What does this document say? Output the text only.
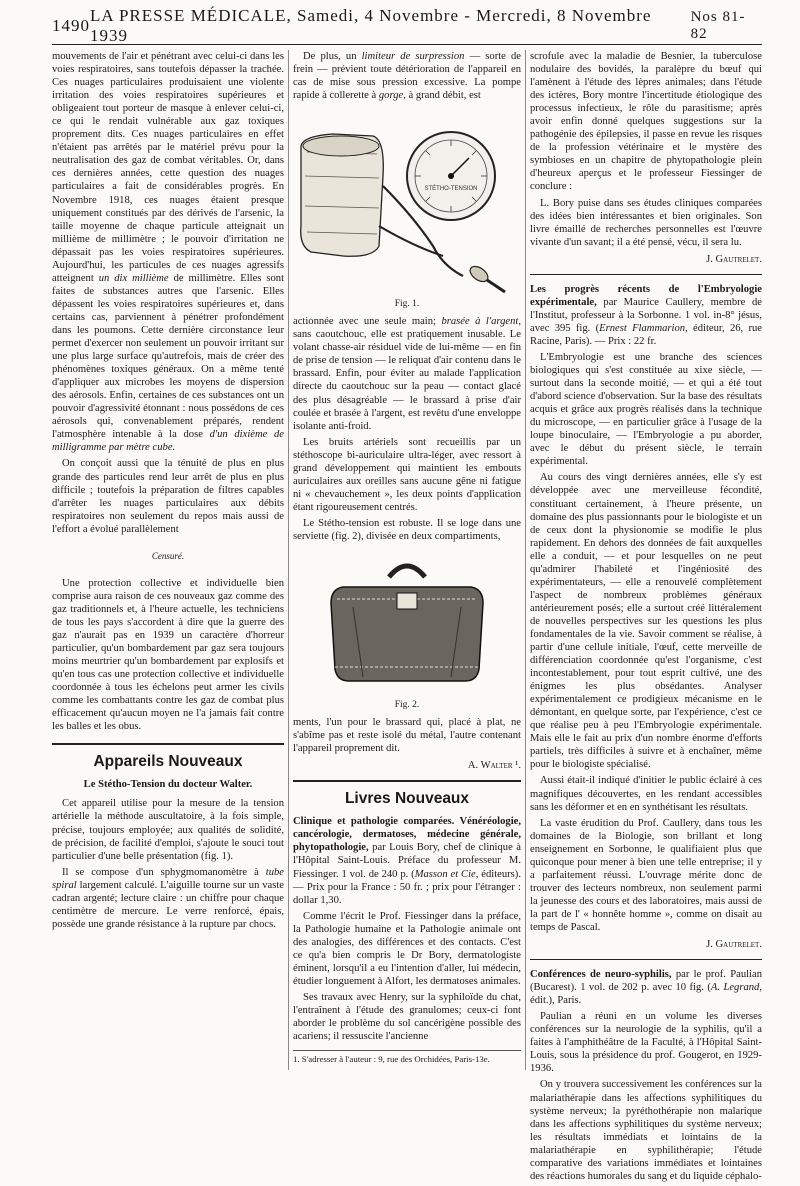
1490
LA PRESSE MÉDICALE, Samedi, 4 Novembre - Mercredi, 8 Novembre 1939
Nos 81-82

mouvements de l'air et pénétrant avec celui-ci dans les voies respiratoires, sans toutefois dépasser la trachée. Ces nuages particulaires produisaient une violente irritation des voies respiratoires supérieures et obligeaient tout porteur de masque à enlever celui-ci, ce qui le rendait vulnérable aux gaz toxiques proprement dits. Ces nuages particulaires en effet n'étaient pas arrêtés par le matériel prévu pour la neutralisation des gaz de combat véritables. Or, dans ces dernières années, cette question des nuages particulaires a fait de considérables progrès. En Novembre 1918, ces nuages étaient presque uniquement constitués par des dérivés de l'arsenic, la taille moyenne de chaque particule atteignait un millième de millimètre ; le pouvoir d'irritation ne dépassait pas les voies respiratoires supérieures. Aujourd'hui, les particules de ces nuages agressifs atteignent un dix millième de millimètre. Elles sont faites de substances autres que l'arsenic. Elles dépassent les voies respiratoires supérieures et, dans certains cas, parviennent à pénétrer profondément dans les poumons. Cette dernière circonstance leur permet d'exercer non seulement un pouvoir irritant sur une plus large surface qu'autrefois, mais de créer des phénomènes toxiques généraux. On a même tenté d'appliquer aux microbes les moyens de dispersion des aérosols. Enfin, certaines de ces substances ont un pouvoir d'agressivité étonnant : nous possédons de ces aérosols qui, convenablement préparés, rendent l'atmosphère intenable à la dose d'un dixième de milligramme par mètre cube.

On conçoit aussi que la ténuité de plus en plus grande des particules rend leur arrêt de plus en plus difficile ; toutefois la préparation de filtres capables d'arrêter les nuages particulaires aux débits respiratoires non seulement du repos mais aussi de l'effort a évolué parallèlement

Censuré.

Une protection collective et individuelle bien comprise aura raison de ces nouveaux gaz comme des gaz traditionnels et, à l'heure actuelle, les techniciens de tous les pays s'accordent à dire que la guerre des gaz n'aurait pas en 1939 un caractère d'horreur particulier, qu'un bombardement par gaz sera toujours moins meurtrier qu'un bombardement par explosifs et qu'en tous cas une protection collective et individuelle coordonnée à tous les échelons peut armer les civils comme les combattants contre les gaz de combat plus efficacement qu'aucun moyen ne l'a jamais fait contre les balles et les obus.

Appareils Nouveaux
Le Stétho-Tension du docteur Walter.

Cet appareil utilise pour la mesure de la tension artérielle la méthode auscultatoire, à la fois simple, précise, toujours employée; aux qualités de solidité, de précision, de facilité d'emploi, s'ajoute le souci tout particulier d'une belle présentation (fig. 1).

Il se compose d'un sphygmomanomètre à tube spiral largement calculé. L'aiguille tourne sur un vaste cadran argenté; lecture claire : un chiffre pour chaque centimètre de mercure. Le verre renforcé, épais, possède une grande résistance à la rupture par chocs.

De plus, un limiteur de surpression — sorte de frein — prévient toute détérioration de l'appareil en cas de mise sous pression excessive. La pompe rapide à collerette à gorge, à grand débit, est

STÉTHO-TENSION
Fig. 1.

actionnée avec une seule main; brasée à l'argent, sans caoutchouc, elle est pratiquement inusable. Le volant chasse-air résiduel vide de lui-même — en fin de prise de tension — le reliquat d'air contenu dans le brassard. Enfin, pour éviter au malade l'application directe du caoutchouc sur la peau — contact glacé des plus désagréable — le brassard à prise d'air coulée et brasée à l'argent, est revêtu d'une enveloppe isolante anti-froid.

Les bruits artériels sont recueillis par un stéthoscope bi-auriculaire ultra-léger, avec ressort à grand développement qui maintient les embouts auriculaires aux oreilles sans aucune gêne ni fatigue ni « chevauchement », les deux points d'application étant rigoureusement centrés.

Le Stétho-tension est robuste. Il se loge dans une serviette (fig. 2), divisée en deux compartiments,

Fig. 2.

ments, l'un pour le brassard qui, placé à plat, ne s'abîme pas et reste isolé du métal, l'autre contenant l'appareil proprement dit.

A. Walter ¹.

Livres Nouveaux

Clinique et pathologie comparées. Vénéréologie, cancérologie, dermatoses, médecine générale, phytopathologie, par Louis Bory, chef de clinique à l'Hôpital Saint-Louis. Préface du professeur M. Fiessinger. 1 vol. de 240 p. (Masson et Cie, éditeurs). — Prix pour la France : 50 fr. ; prix pour l'étranger : dollar 1,30.

Comme l'écrit le Prof. Fiessinger dans la préface, la Pathologie humaine et la Pathologie animale ont des analogies, des différences et des contacts. C'est ce qu'a bien compris le Dr Bory, dermatologiste éminent, lorsqu'il a eu l'intention d'aller, lui médecin, étudier longuement à Alfort, les dermatoses animales.

Ses travaux avec Henry, sur la syphiloïde du chat, l'entraînent à l'étude des granulomes; ceux-ci font aborder le problème du sol cancérigène possible des acariens; il ressuscite l'ancienne

1. S'adresser à l'auteur : 9, rue des Orchidées, Paris-13e.

scrofule avec la maladie de Besnier, la tuberculose nodulaire des bovidés, la paralèpre du bœuf qui l'amènent à l'étude des lèpres animales; dans l'étude des ictères, Bory montre l'incertitude étiologique des processus infectieux, le rôle du parasitisme; après avoir enfin donné quelques suggestions sur la pathogénie des épilepsies, il passe en revue les risques de la profession vétérinaire et le mystère des symbioses en un chapitre de phytopathologie plein d'heureux aperçus et le professeur Fiessinger de conclure :

L. Bory puise dans ses études cliniques comparées des idées bien intéressantes et bien originales. Son livre émaillé de recherches personnelles est l'œuvre vivante d'un savant; il a été pensé, vécu, il sera lu.

J. Gautrelet.

Les progrès récents de l'Embryologie expérimentale, par Maurice Caullery, membre de l'Institut, professeur à la Sorbonne. 1 vol. in-8° jésus, avec 395 fig. (Ernest Flammarion, éditeur, 26, rue Racine, Paris). — Prix : 22 fr.

L'Embryologie est une branche des sciences biologiques qui s'est constituée au xixe siècle, — surtout dans la seconde moitié, — et qui a été tout d'abord science d'observation. Sur la base des résultats acquis et grâce aux progrès réalisés dans la technique du microscope, — en particulier grâce à l'usage de la loupe binoculaire, — l'Embryologie a pu aborder, avec le début du présent siècle, le terrain expérimental.

Au cours des vingt dernières années, elle s'y est développée avec une merveilleuse fécondité, constituant certainement, à l'heure présente, un domaine des plus passionnants pour le biologiste et un de ceux dont la physionomie se modifie le plus rapidement. En dehors des données de fait auxquelles elle a conduit, — et pour lesquelles on ne peut qu'admirer l'habileté et l'ingéniosité des expérimentateurs, — elle a renouvelé complètement l'aspect de nombreux problèmes généraux antérieurement posés; elle a surtout créé littéralement de nouvelles perspectives sur les questions les plus fondamentales de la vie. Savoir comment se réalise, à partir d'une cellule initiale, l'œuf, cette merveille de différenciation coordonnée qu'est l'organisme, c'est incontestablement, pour tout esprit cultivé, une des énigmes les plus obsédantes. Analyser expérimentalement ce prodigieux mécanisme en le démontant, en quelque sorte, par l'expérience, c'est ce que réalise peu à peu l'Embryologie expérimentale. Mais elle le fait au prix d'un nombre énorme d'efforts partiels, très difficiles à suivre et à enchaîner, même pour le biologiste spécialisé.

Aussi était-il indiqué d'initier le public éclairé à ces magnifiques découvertes, en les rendant accessibles sans les déformer et en en synthétisant les résultats.

La vaste érudition du Prof. Caullery, dans tous les domaines de la Biologie, son brillant et long enseignement en Sorbonne, le qualifiaient plus que quiconque pour mener à bien une telle entreprise; il y a parfaitement réussi. L'ouvrage mérite donc de trouver des lecteurs nombreux, non seulement parmi la jeunesse des cours et des laboratoires, mais aussi de la part de l' « honnête homme », comme on disait au temps de Pascal.

J. Gautrelet.

Conférences de neuro-syphilis, par le prof. Paulian (Bucarest). 1 vol. de 202 p. avec 10 fig. (A. Legrand, édit.), Paris.

Paulian a réuni en un volume les diverses conférences sur la neurologie de la syphilis, qu'il a faites à l'amphithéâtre de la Faculté, à l'Hôpital Saint-Louis, sous la présidence du prof. Gougerot, en 1929-1936.

On y trouvera successivement les conférences sur la malariathérapie dans les affections syphilitiques du système nerveux; la pyréthothérapie non malarique dans les affections syphilitiques du système nerveux; les résultats immédiats et lointains de la malariathérapie en syphilithérapie; l'étude comparative des variations immédiates et lointaines des réactions humorales du sang et du liquide céphalo-
